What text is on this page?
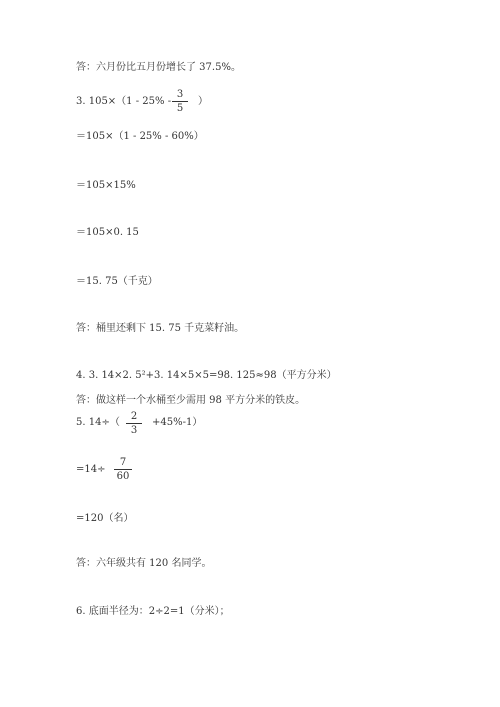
答：六月份比五月份增长了 37.5%。
3. 105×（1 - 25% -
3
5
）
＝105×（1 - 25% - 60%）
＝105×15%
＝105×0. 15
＝15. 75（千克）
答：桶里还剩下 15. 75 千克菜籽油。
4. 3. 14×2. 5²+3. 14×5×5=98. 125≈98（平方分米）
答：做这样一个水桶至少需用 98 平方分米的铁皮。
5. 14÷（
2
3
+45%-1）
=14÷
7
60
=120（名）
答：六年级共有 120 名同学。
6. 底面半径为：2÷2=1（分米）；
